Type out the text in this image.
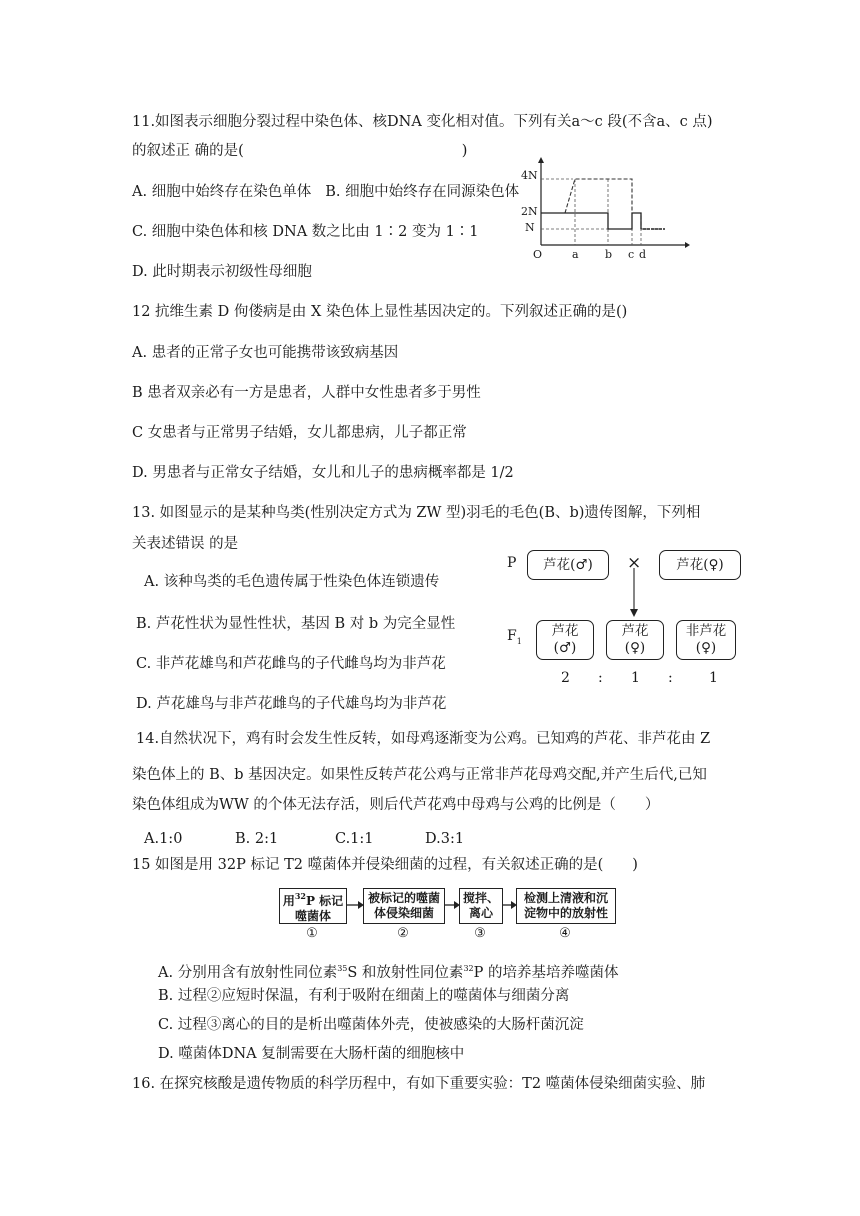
11.如图表示细胞分裂过程中染色体、核DNA 变化相对值。下列有关a～c 段(不含a、c 点)
的叙述正 确的是(	)
A. 细胞中始终存在染色单体 B. 细胞中始终存在同源染色体
C. 细胞中染色体和核 DNA 数之比由 1∶2 变为 1∶1
D. 此时期表示初级性母细胞
4N
2N
N
O	a b c d
12 抗维生素 D 佝偻病是由 X 染色体上显性基因决定的。下列叙述正确的是()
A. 患者的正常子女也可能携带该致病基因
B 患者双亲必有一方是患者，人群中女性患者多于男性
C 女患者与正常男子结婚，女儿都患病，儿子都正常
D. 男患者与正常女子结婚，女儿和儿子的患病概率都是 1/2
13. 如图显示的是某种鸟类(性别决定方式为 ZW 型)羽毛的毛色(B、b)遗传图解，下列相
关表述错误 的是
A. 该种鸟类的毛色遗传属于性染色体连锁遗传
B. 芦花性状为显性性状，基因 B 对 b 为完全显性
C. 非芦花雄鸟和芦花雌鸟的子代雌鸟均为非芦花
D. 芦花雄鸟与非芦花雌鸟的子代雄鸟均为非芦花
P	芦花(♂)	×	芦花(♀)
$F_1$
芦花
(♂)
芦花
(♀)
非芦花
(♀)
2 : 1 :	1
14.自然状况下，鸡有时会发生性反转，如母鸡逐渐变为公鸡。已知鸡的芦花、非芦花由 Z
染色体上的 B、b 基因决定。如果性反转芦花公鸡与正常非芦花母鸡交配,并产生后代,已知
染色体组成为WW 的个体无法存活，则后代芦花鸡中母鸡与公鸡的比例是（　　）
A.1:0	B. 2:1	C.1:1	D.3:1
15 如图是用 32P 标记 T2 噬菌体并侵染细菌的过程，有关叙述正确的是(　　)
用$^{32}$P 标记
噬菌体
被标记的噬菌
体侵染细菌
搅拌、
离心
检测上清液和沉
淀物中的放射性
①	②	③	④
A. 分别用含有放射性同位素$^{35}$S 和放射性同位素$^{32}$P 的培养基培养噬菌体
B. 过程②应短时保温，有利于吸附在细菌上的噬菌体与细菌分离
C. 过程③离心的目的是析出噬菌体外壳，使被感染的大肠杆菌沉淀
D. 噬菌体DNA 复制需要在大肠杆菌的细胞核中
16. 在探究核酸是遗传物质的科学历程中，有如下重要实验：T2 噬菌体侵染细菌实验、肺
